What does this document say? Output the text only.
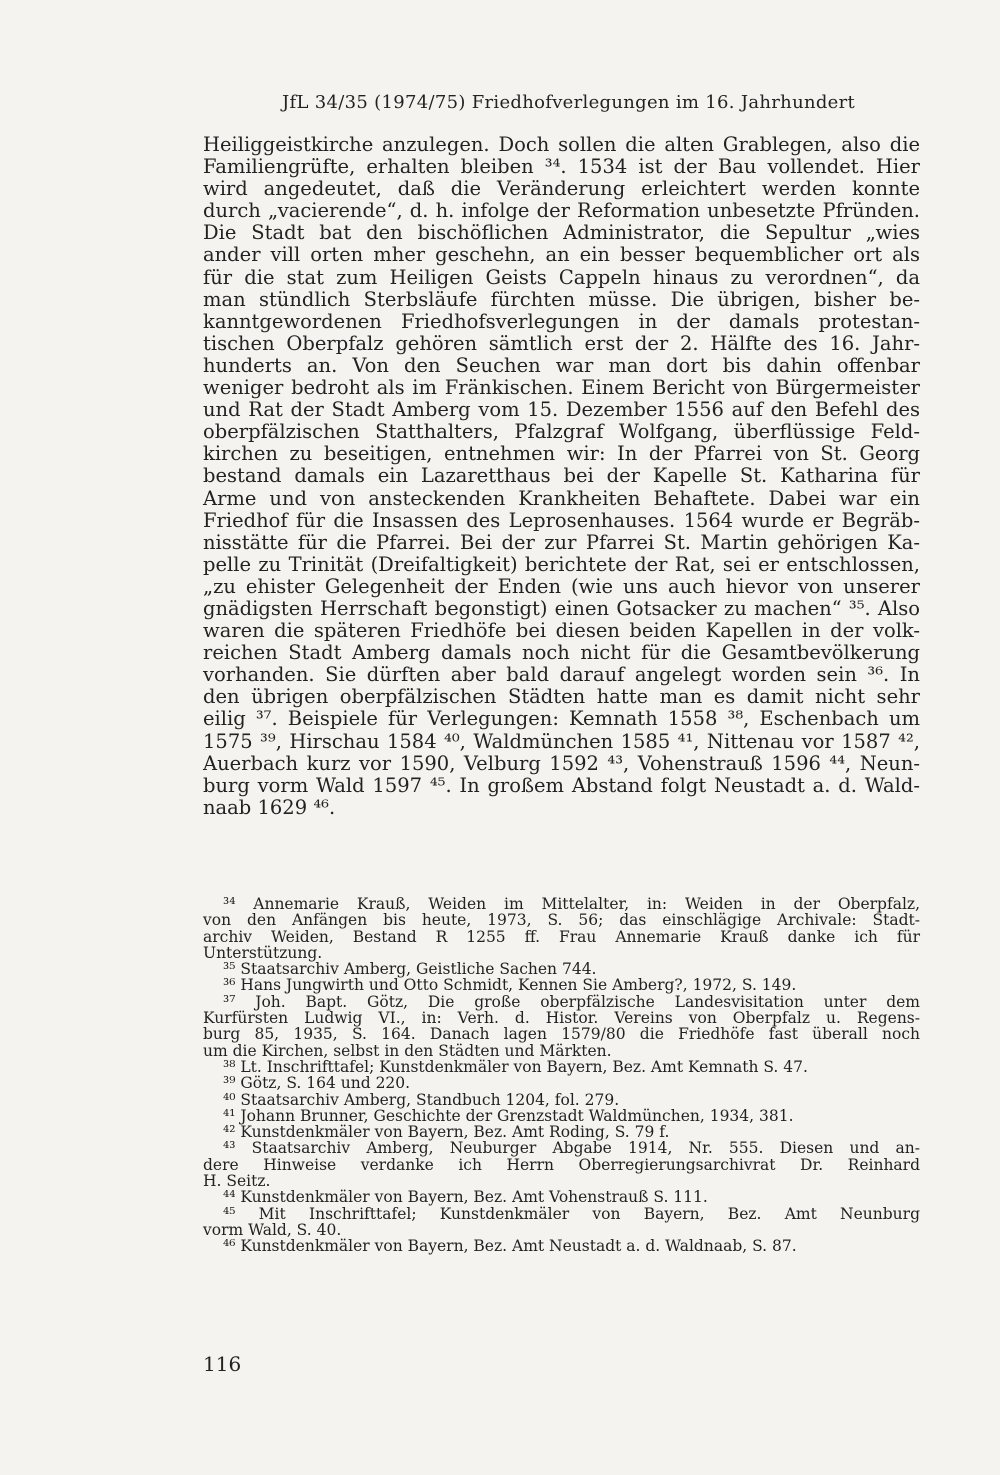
JfL 34/35 (1974/75) Friedhofverlegungen im 16. Jahrhundert
Heiliggeistkirche anzulegen. Doch sollen die alten Grablegen, also die
Familiengrüfte, erhalten bleiben ³⁴. 1534 ist der Bau vollendet. Hier
wird angedeutet, daß die Veränderung erleichtert werden konnte
durch „vacierende“, d. h. infolge der Reformation unbesetzte Pfründen.
Die Stadt bat den bischöflichen Administrator, die Sepultur „wies
ander vill orten mher geschehn, an ein besser bequemblicher ort als
für die stat zum Heiligen Geists Cappeln hinaus zu verordnen“, da
man stündlich Sterbsläufe fürchten müsse. Die übrigen, bisher be-
kanntgewordenen Friedhofsverlegungen in der damals protestan-
tischen Oberpfalz gehören sämtlich erst der 2. Hälfte des 16. Jahr-
hunderts an. Von den Seuchen war man dort bis dahin offenbar
weniger bedroht als im Fränkischen. Einem Bericht von Bürgermeister
und Rat der Stadt Amberg vom 15. Dezember 1556 auf den Befehl des
oberpfälzischen Statthalters, Pfalzgraf Wolfgang, überflüssige Feld-
kirchen zu beseitigen, entnehmen wir: In der Pfarrei von St. Georg
bestand damals ein Lazaretthaus bei der Kapelle St. Katharina für
Arme und von ansteckenden Krankheiten Behaftete. Dabei war ein
Friedhof für die Insassen des Leprosenhauses. 1564 wurde er Begräb-
nisstätte für die Pfarrei. Bei der zur Pfarrei St. Martin gehörigen Ka-
pelle zu Trinität (Dreifaltigkeit) berichtete der Rat, sei er entschlossen,
„zu ehister Gelegenheit der Enden (wie uns auch hievor von unserer
gnädigsten Herrschaft begonstigt) einen Gotsacker zu machen“ ³⁵. Also
waren die späteren Friedhöfe bei diesen beiden Kapellen in der volk-
reichen Stadt Amberg damals noch nicht für die Gesamtbevölkerung
vorhanden. Sie dürften aber bald darauf angelegt worden sein ³⁶. In
den übrigen oberpfälzischen Städten hatte man es damit nicht sehr
eilig ³⁷. Beispiele für Verlegungen: Kemnath 1558 ³⁸, Eschenbach um
1575 ³⁹, Hirschau 1584 ⁴⁰, Waldmünchen 1585 ⁴¹, Nittenau vor 1587 ⁴²,
Auerbach kurz vor 1590, Velburg 1592 ⁴³, Vohenstrauß 1596 ⁴⁴, Neun-
burg vorm Wald 1597 ⁴⁵. In großem Abstand folgt Neustadt a. d. Wald-
naab 1629 ⁴⁶.
³⁴ Annemarie Krauß, Weiden im Mittelalter, in: Weiden in der Oberpfalz,
von den Anfängen bis heute, 1973, S. 56; das einschlägige Archivale: Stadt-
archiv Weiden, Bestand R 1255 ff. Frau Annemarie Krauß danke ich für
Unterstützung.
³⁵ Staatsarchiv Amberg, Geistliche Sachen 744.
³⁶ Hans Jungwirth und Otto Schmidt, Kennen Sie Amberg?, 1972, S. 149.
³⁷ Joh. Bapt. Götz, Die große oberpfälzische Landesvisitation unter dem
Kurfürsten Ludwig VI., in: Verh. d. Histor. Vereins von Oberpfalz u. Regens-
burg 85, 1935, S. 164. Danach lagen 1579/80 die Friedhöfe fast überall noch
um die Kirchen, selbst in den Städten und Märkten.
³⁸ Lt. Inschrifttafel; Kunstdenkmäler von Bayern, Bez. Amt Kemnath S. 47.
³⁹ Götz, S. 164 und 220.
⁴⁰ Staatsarchiv Amberg, Standbuch 1204, fol. 279.
⁴¹ Johann Brunner, Geschichte der Grenzstadt Waldmünchen, 1934, 381.
⁴² Kunstdenkmäler von Bayern, Bez. Amt Roding, S. 79 f.
⁴³ Staatsarchiv Amberg, Neuburger Abgabe 1914, Nr. 555. Diesen und an-
dere Hinweise verdanke ich Herrn Oberregierungsarchivrat Dr. Reinhard
H. Seitz.
⁴⁴ Kunstdenkmäler von Bayern, Bez. Amt Vohenstrauß S. 111.
⁴⁵ Mit Inschrifttafel; Kunstdenkmäler von Bayern, Bez. Amt Neunburg
vorm Wald, S. 40.
⁴⁶ Kunstdenkmäler von Bayern, Bez. Amt Neustadt a. d. Waldnaab, S. 87.
116
